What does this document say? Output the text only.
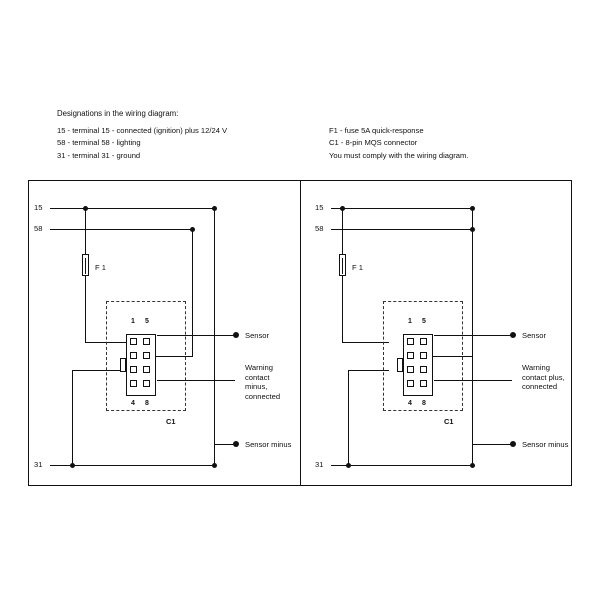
Designations in the wiring diagram:
15 - terminal 15 - connected (ignition) plus 12/24 V
58 - terminal 58 - lighting
31 - terminal 31 - ground
F1 - fuse 5A quick-response
C1 - 8-pin MQS connector
You must comply with the wiring diagram.
15
58
31
F 1
C1
1 5
4 8
Sensor
Warning contact minus, connected
Sensor minus
15
58
31
F 1
C1
1 5
4 8
Sensor
Warning contact plus, connected
Sensor minus
